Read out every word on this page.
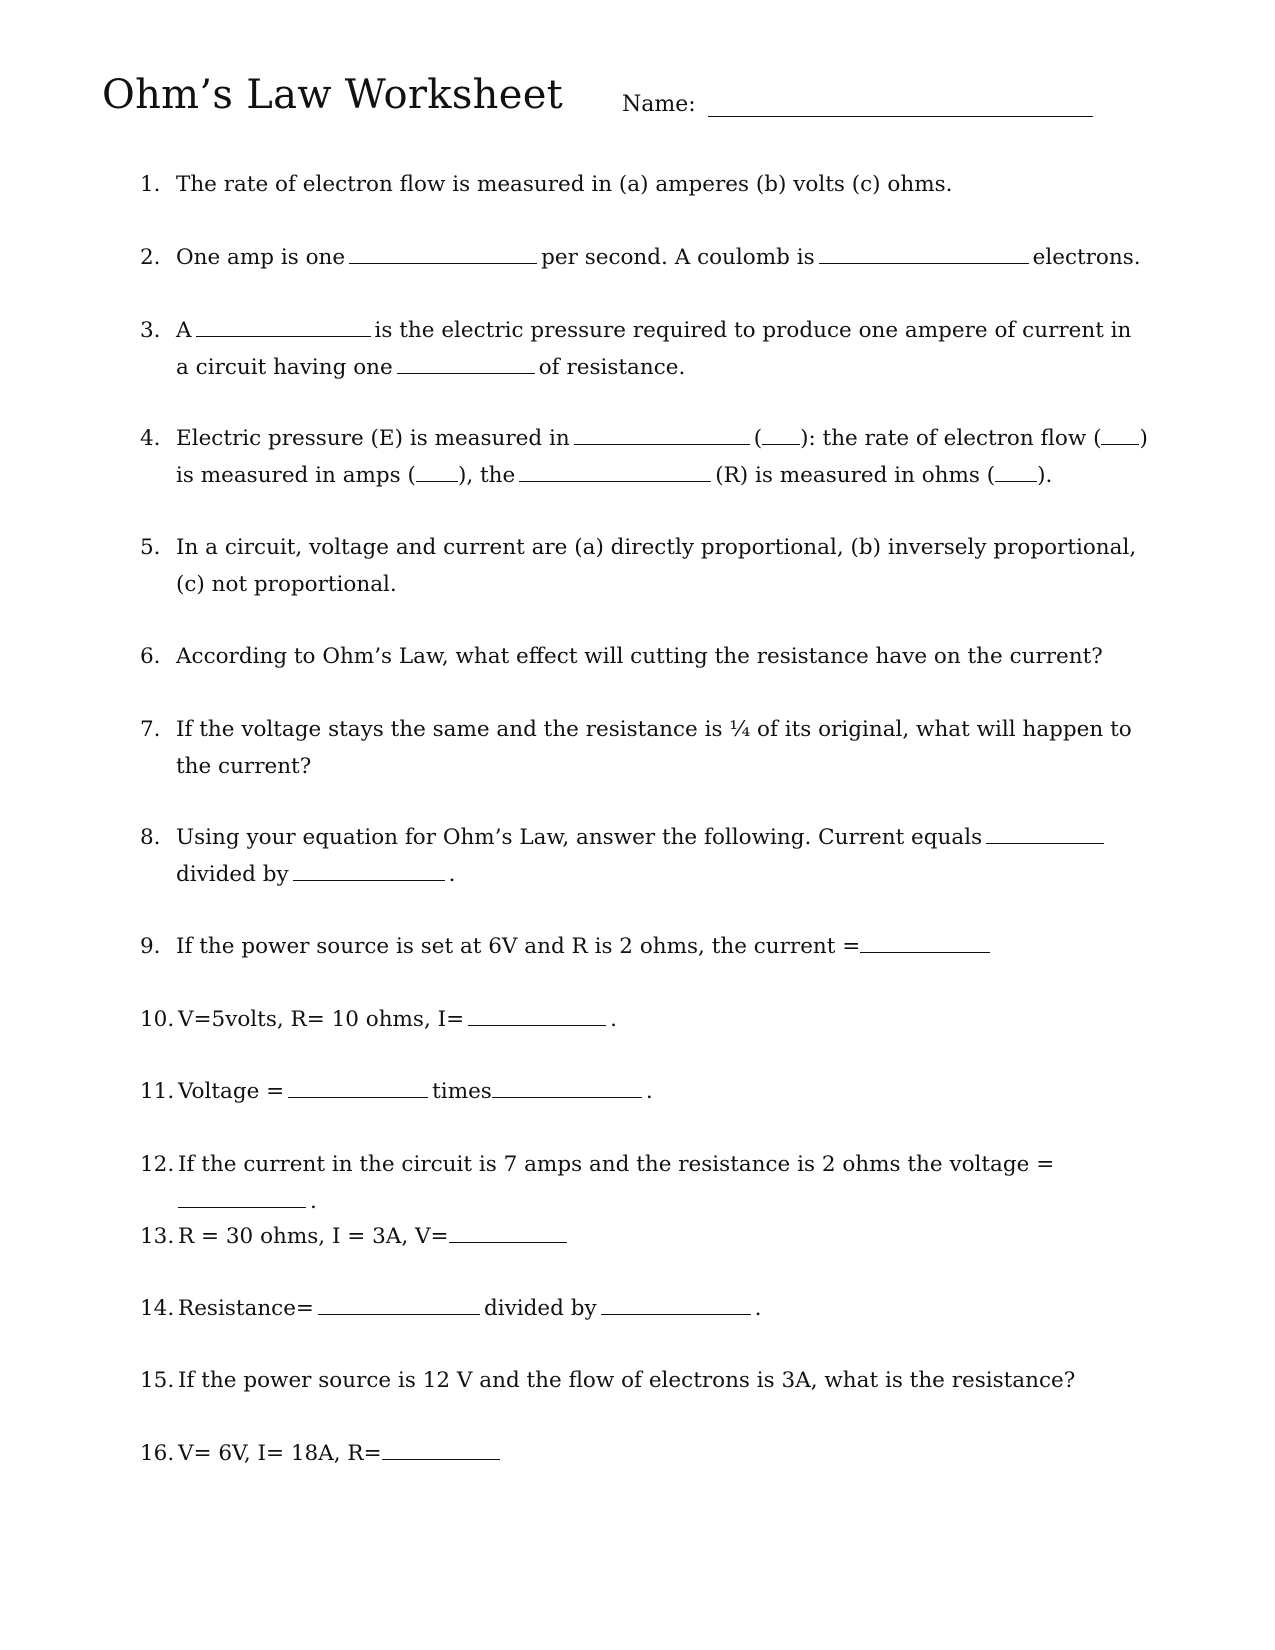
Ohm’s Law Worksheet	Name:
1. The rate of electron flow is measured in (a) amperes (b) volts (c) ohms.
2. One amp is one	per second. A coulomb is	electrons.
3. A	is the electric pressure required to produce one ampere of current in a circuit having one	of resistance.
4. Electric pressure (E) is measured in	( ): the rate of electron flow ( ) is measured in amps ( ), the	(R) is measured in ohms ( ).
5. In a circuit, voltage and current are (a) directly proportional, (b) inversely proportional, (c) not proportional.
6. According to Ohm’s Law, what effect will cutting the resistance have on the current?
7. If the voltage stays the same and the resistance is ¼ of its original, what will happen to the current?
8. Using your equation for Ohm’s Law, answer the following. Current equalsdivided by	.
9. If the power source is set at 6V and R is 2 ohms, the current =
10. V=5volts, R= 10 ohms, I=	.
11. Voltage =	times	.
12. If the current in the circuit is 7 amps and the resistance is 2 ohms the voltage =.
13. R = 30 ohms, I = 3A, V=
14. Resistance=	divided by	.
15. If the power source is 12 V and the flow of electrons is 3A, what is the resistance?
16. V= 6V, I= 18A, R=
